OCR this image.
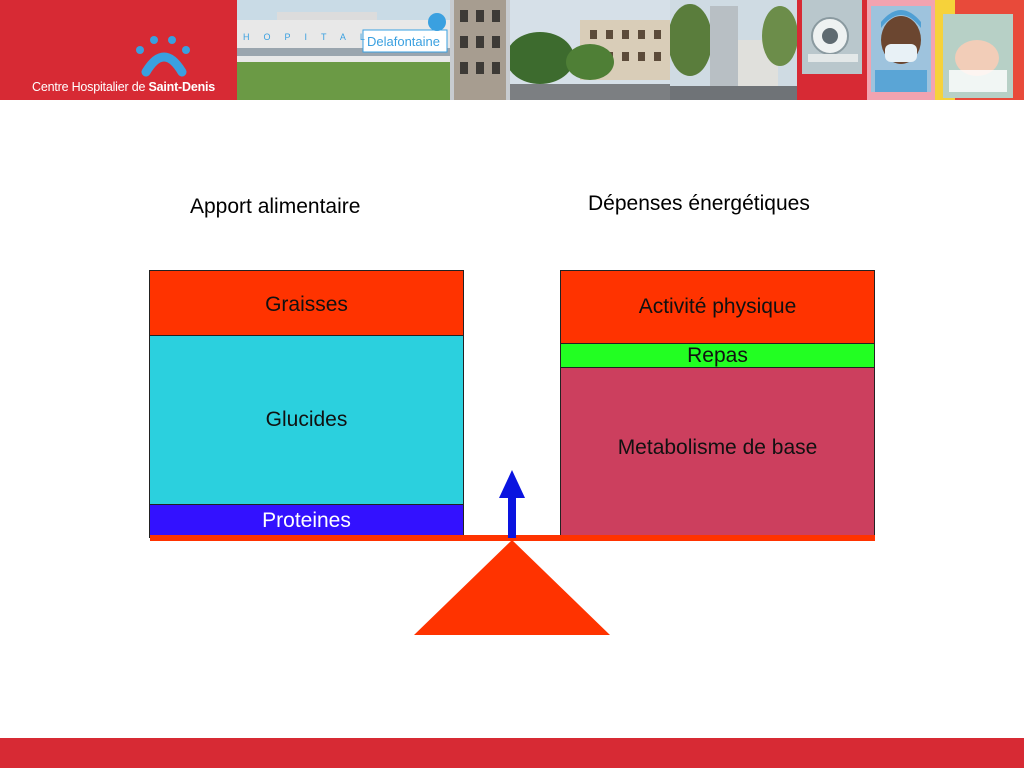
Centre Hospitalier de Saint-Denis
Delafontaine
HOPITAL
Apport alimentaire	Dépenses énergétiques
Graisses
Glucides
Proteines
Activité physique
Repas
Metabolisme de base
